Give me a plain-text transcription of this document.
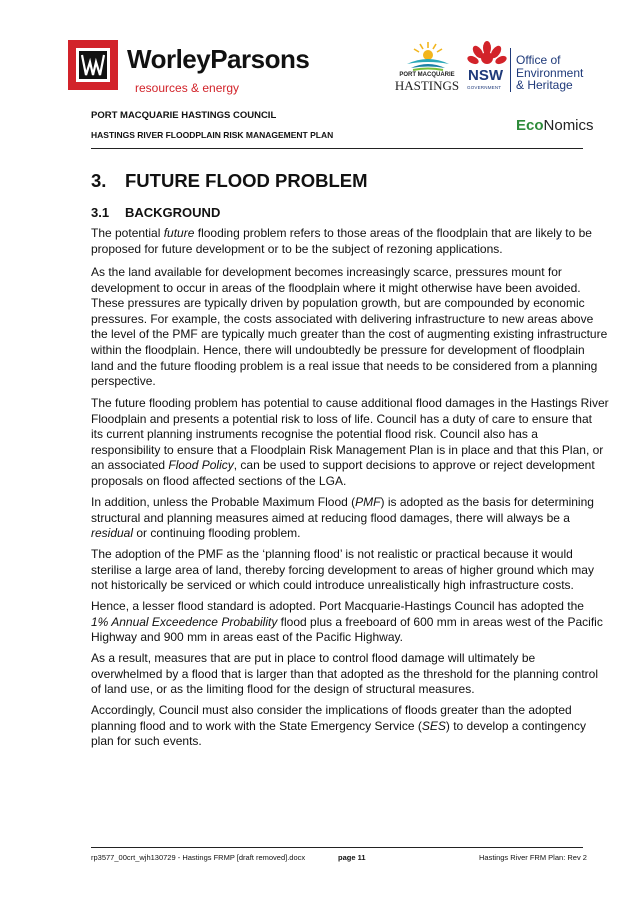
WorleyParsons
resources & energy
PORT MACQUARIE
HASTINGS
NSW
GOVERNMENT
Office of
Environment
& Heritage
PORT MACQUARIE HASTINGS COUNCIL
HASTINGS RIVER FLOODPLAIN RISK MANAGEMENT PLAN
EcoNomics
3. FUTURE FLOOD PROBLEM
3.1 BACKGROUND
The potential future flooding problem refers to those areas of the floodplain that are likely to be
proposed for future development or to be the subject of rezoning applications.
As the land available for development becomes increasingly scarce, pressures mount for
development to occur in areas of the floodplain where it might otherwise have been avoided.
These pressures are typically driven by population growth, but are compounded by economic
pressures. For example, the costs associated with delivering infrastructure to new areas above
the level of the PMF are typically much greater than the cost of augmenting existing infrastructure
within the floodplain. Hence, there will undoubtedly be pressure for development of floodplain
land and the future flooding problem is a real issue that needs to be considered from a planning
perspective.
The future flooding problem has potential to cause additional flood damages in the Hastings River
Floodplain and presents a potential risk to loss of life. Council has a duty of care to ensure that
its current planning instruments recognise the potential flood risk. Council also has a
responsibility to ensure that a Floodplain Risk Management Plan is in place and that this Plan, or
an associated Flood Policy, can be used to support decisions to approve or reject development
proposals on flood affected sections of the LGA.
In addition, unless the Probable Maximum Flood (PMF) is adopted as the basis for determining
structural and planning measures aimed at reducing flood damages, there will always be a
residual or continuing flooding problem.
The adoption of the PMF as the ‘planning flood’ is not realistic or practical because it would
sterilise a large area of land, thereby forcing development to areas of higher ground which may
not historically be serviced or which could introduce unrealistically high infrastructure costs.
Hence, a lesser flood standard is adopted. Port Macquarie-Hastings Council has adopted the
1% Annual Exceedence Probability flood plus a freeboard of 600 mm in areas west of the Pacific
Highway and 900 mm in areas east of the Pacific Highway.
As a result, measures that are put in place to control flood damage will ultimately be
overwhelmed by a flood that is larger than that adopted as the threshold for the planning control
of land use, or as the limiting flood for the design of structural measures.
Accordingly, Council must also consider the implications of floods greater than the adopted
planning flood and to work with the State Emergency Service (SES) to develop a contingency
plan for such events.
rp3577_00crt_wjh130729 - Hastings FRMP [draft removed].docx	page 11	Hastings River FRM Plan: Rev 2
